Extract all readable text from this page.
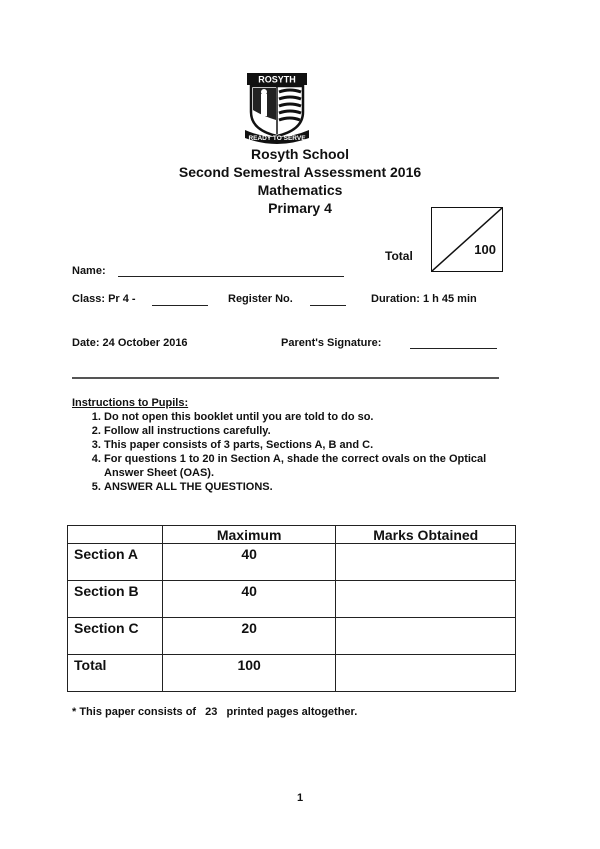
ROSYTH
READY TO SERVE
Rosyth School
Second Semestral Assessment 2016
Mathematics
Primary 4
Total	100
Name:
Class: Pr 4 -	Register No.	Duration: 1 h 45 min
Date: 24 October 2016	Parent's Signature:
Instructions to Pupils:
1. Do not open this booklet until you are told to do so.
2. Follow all instructions carefully.
3. This paper consists of 3 parts, Sections A, B and C.
4. For questions 1 to 20 in Section A, shade the correct ovals on the Optical Answer Sheet (OAS).
5. ANSWER ALL THE QUESTIONS.
	Maximum	Marks Obtained
Section A	40	
Section B	40	
Section C	20	
Total	100	
* This paper consists of 23 printed pages altogether.
1
